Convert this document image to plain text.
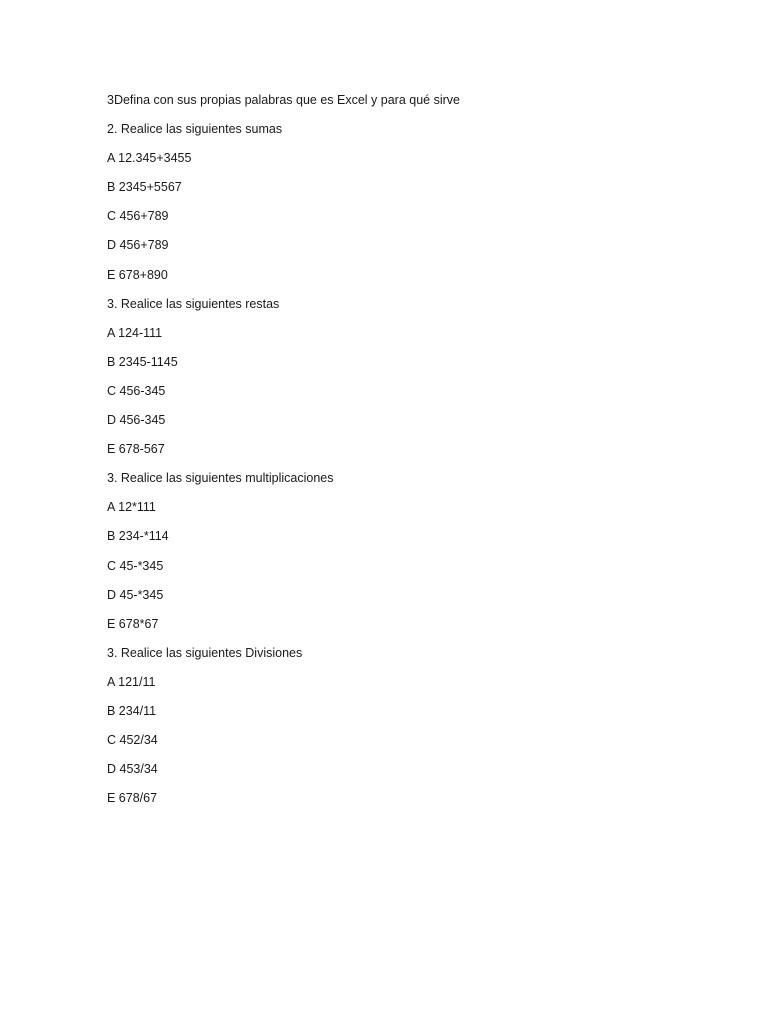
3Defina con sus propias palabras que es Excel y para qué sirve
2. Realice las siguientes sumas
A 12.345+3455
B 2345+5567
C 456+789
D 456+789
E 678+890
3. Realice las siguientes restas
A 124-111
B 2345-1145
C 456-345
D 456-345
E 678-567
3. Realice las siguientes multiplicaciones
A 12*111
B 234-*114
C 45-*345
D 45-*345
E 678*67
3. Realice las siguientes Divisiones
A 121/11
B 234/11
C 452/34
D 453/34
E 678/67
